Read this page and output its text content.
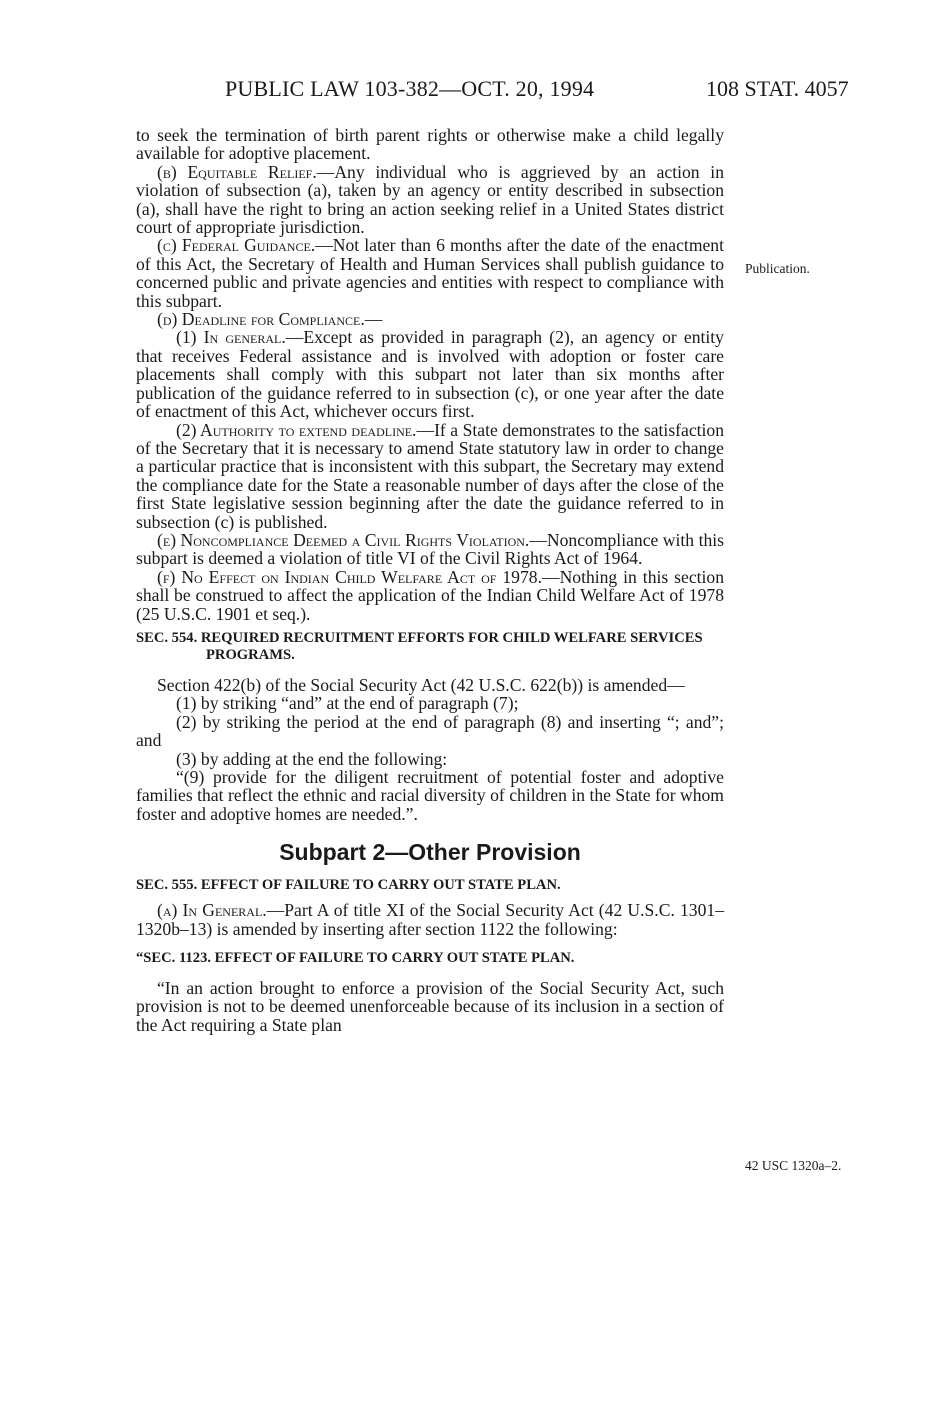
PUBLIC LAW 103-382—OCT. 20, 1994	108 STAT. 4057
Publication.
42 USC 1320a–2.

to seek the termination of birth parent rights or otherwise make a child legally available for adoptive placement.

(b) Equitable Relief.—Any individual who is aggrieved by an action in violation of subsection (a), taken by an agency or entity described in subsection (a), shall have the right to bring an action seeking relief in a United States district court of appropriate jurisdiction.

(c) Federal Guidance.—Not later than 6 months after the date of the enactment of this Act, the Secretary of Health and Human Services shall publish guidance to concerned public and private agencies and entities with respect to compliance with this subpart.

(d) Deadline for Compliance.—

(1) In general.—Except as provided in paragraph (2), an agency or entity that receives Federal assistance and is involved with adoption or foster care placements shall comply with this subpart not later than six months after publication of the guidance referred to in subsection (c), or one year after the date of enactment of this Act, whichever occurs first.

(2) Authority to extend deadline.—If a State demonstrates to the satisfaction of the Secretary that it is necessary to amend State statutory law in order to change a particular practice that is inconsistent with this subpart, the Secretary may extend the compliance date for the State a reasonable number of days after the close of the first State legislative session beginning after the date the guidance referred to in subsection (c) is published.

(e) Noncompliance Deemed a Civil Rights Violation.—Noncompliance with this subpart is deemed a violation of title VI of the Civil Rights Act of 1964.

(f) No Effect on Indian Child Welfare Act of 1978.—Nothing in this section shall be construed to affect the application of the Indian Child Welfare Act of 1978 (25 U.S.C. 1901 et seq.).

SEC. 554. REQUIRED RECRUITMENT EFFORTS FOR CHILD WELFARE SERVICES PROGRAMS.

Section 422(b) of the Social Security Act (42 U.S.C. 622(b)) is amended—

(1) by striking “and” at the end of paragraph (7);

(2) by striking the period at the end of paragraph (8) and inserting “; and”; and

(3) by adding at the end the following:

“(9) provide for the diligent recruitment of potential foster and adoptive families that reflect the ethnic and racial diversity of children in the State for whom foster and adoptive homes are needed.”.

Subpart 2—Other Provision

SEC. 555. EFFECT OF FAILURE TO CARRY OUT STATE PLAN.

(a) In General.—Part A of title XI of the Social Security Act (42 U.S.C. 1301–1320b–13) is amended by inserting after section 1122 the following:

“SEC. 1123. EFFECT OF FAILURE TO CARRY OUT STATE PLAN.

“In an action brought to enforce a provision of the Social Security Act, such provision is not to be deemed unenforceable because of its inclusion in a section of the Act requiring a State plan
